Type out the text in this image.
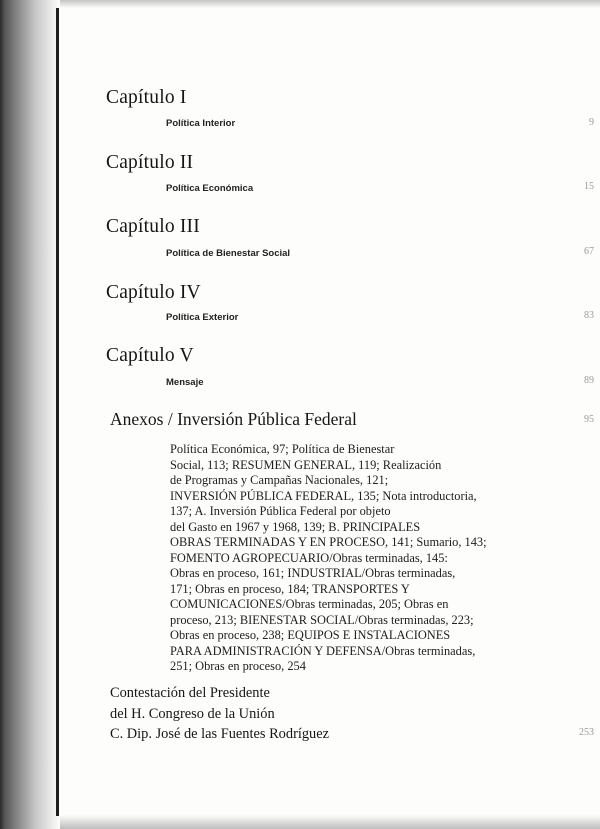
Capítulo I
Política Interior	9
Capítulo II
Política Económica	15
Capítulo III
Política de Bienestar Social	67
Capítulo IV
Política Exterior	83
Capítulo V
Mensaje	89
Anexos / Inversión Pública Federal	95

Política Económica, 97; Política de Bienestar
Social, 113; RESUMEN GENERAL, 119; Realización
de Programas y Campañas Nacionales, 121;
INVERSIÓN PÚBLICA FEDERAL, 135; Nota introductoria,
137; A. Inversión Pública Federal por objeto
del Gasto en 1967 y 1968, 139; B. PRINCIPALES
OBRAS TERMINADAS Y EN PROCESO, 141; Sumario, 143;
FOMENTO AGROPECUARIO/Obras terminadas, 145:
Obras en proceso, 161; INDUSTRIAL/Obras terminadas,
171; Obras en proceso, 184; TRANSPORTES Y
COMUNICACIONES/Obras terminadas, 205; Obras en
proceso, 213; BIENESTAR SOCIAL/Obras terminadas, 223;
Obras en proceso, 238; EQUIPOS E INSTALACIONES
PARA ADMINISTRACIÓN Y DEFENSA/Obras terminadas,
251; Obras en proceso, 254

Contestación del Presidente
del H. Congreso de la Unión
C. Dip. José de las Fuentes Rodríguez	253
